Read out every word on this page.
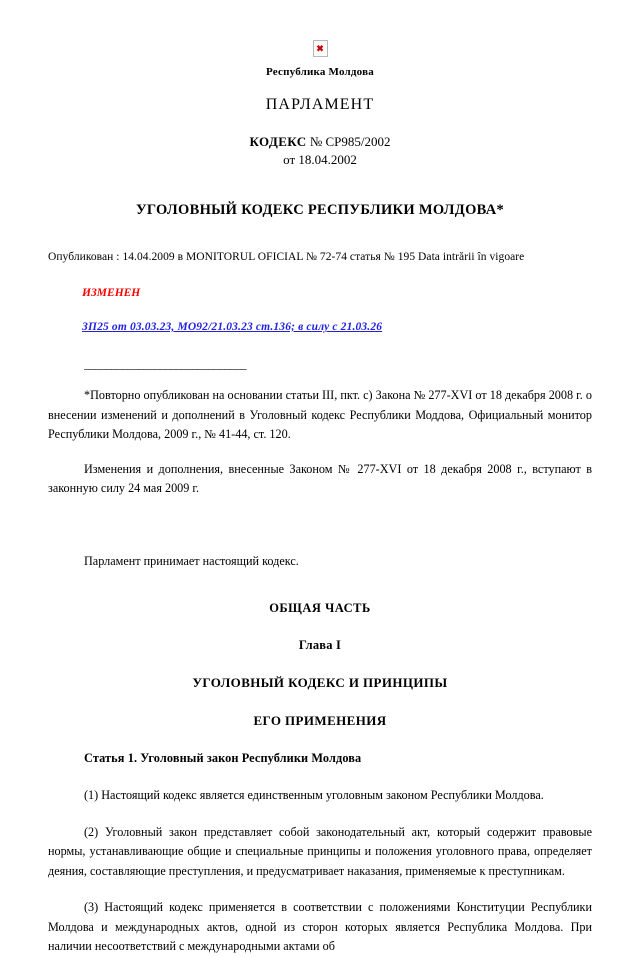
✖
Республика Молдова
ПАРЛАМЕНТ
КОДЕКС № CP985/2002
от 18.04.2002
УГОЛОВНЫЙ КОДЕКС РЕСПУБЛИКИ МОЛДОВА*
Опубликован : 14.04.2009 в MONITORUL OFICIAL № 72-74 статья № 195 Data intrării în vigoare
ИЗМЕНЕН
ЗП25 от 03.03.23, МО92/21.03.23 ст.136; в силу с 21.03.26
______________________________

*Повторно опубликован на основании статьи III, пкт. c) Закона № 277-XVI от 18 декабря 2008 г. о внесении изменений и дополнений в Уголовный кодекс Республики Моддова, Официальный монитор Республики Молдова, 2009 г., № 41-44, ст. 120.

Изменения и дополнения, внесенные Законом № 277-XVI от 18 декабря 2008 г., вступают в законную силу 24 мая 2009 г.

Парламент принимает настоящий кодекс.
ОБЩАЯ ЧАСТЬ
Глава I
УГОЛОВНЫЙ КОДЕКС И ПРИНЦИПЫ
ЕГО ПРИМЕНЕНИЯ
Статья 1. Уголовный закон Республики Молдова

(1) Настоящий кодекс является единственным уголовным законом Республики Молдова.

(2) Уголовный закон представляет собой законодательный акт, который содержит правовые нормы, устанавливающие общие и специальные принципы и положения уголовного права, определяет деяния, составляющие преступления, и предусматривает наказания, применяемые к преступникам.

(3) Настоящий кодекс применяется в соответствии с положениями Конституции Республики Молдова и международных актов, одной из сторон которых является Республика Молдова. При наличии несоответствий с международными актами об
